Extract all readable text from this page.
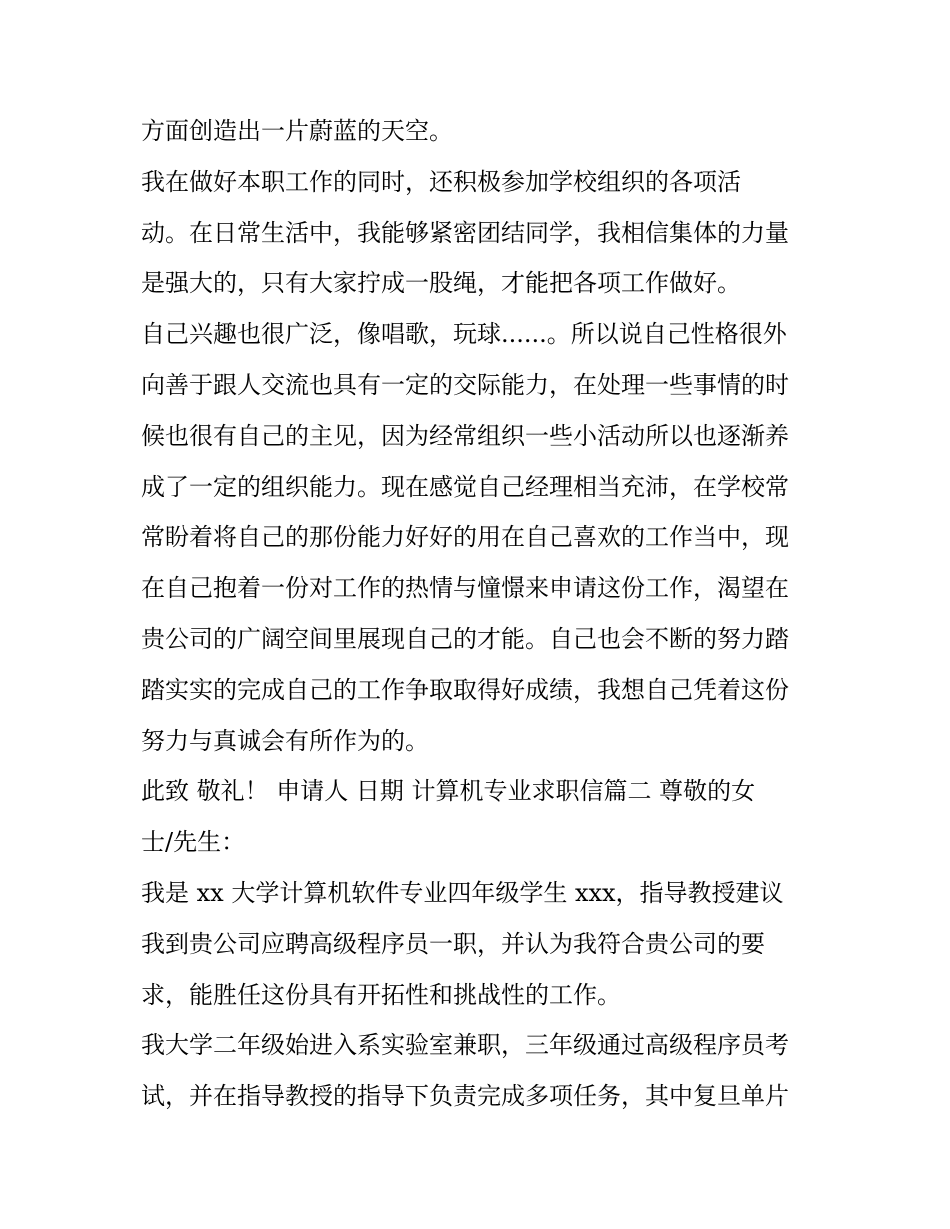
方面创造出一片蔚蓝的天空。
我在做好本职工作的同时，还积极参加学校组织的各项活
动。在日常生活中，我能够紧密团结同学，我相信集体的力量
是强大的，只有大家拧成一股绳，才能把各项工作做好。
自己兴趣也很广泛，像唱歌，玩球......。所以说自己性格很外
向善于跟人交流也具有一定的交际能力，在处理一些事情的时
候也很有自己的主见，因为经常组织一些小活动所以也逐渐养
成了一定的组织能力。现在感觉自己经理相当充沛，在学校常
常盼着将自己的那份能力好好的用在自己喜欢的工作当中，现
在自己抱着一份对工作的热情与憧憬来申请这份工作，渴望在
贵公司的广阔空间里展现自己的才能。自己也会不断的努力踏
踏实实的完成自己的工作争取取得好成绩，我想自己凭着这份
努力与真诚会有所作为的。
此致 敬礼！ 申请人 日期 计算机专业求职信篇二 尊敬的女
士/先生：
我是 xx 大学计算机软件专业四年级学生 xxx，指导教授建议
我到贵公司应聘高级程序员一职，并认为我符合贵公司的要
求，能胜任这份具有开拓性和挑战性的工作。
我大学二年级始进入系实验室兼职，三年级通过高级程序员考
试，并在指导教授的指导下负责完成多项任务，其中复旦单片
